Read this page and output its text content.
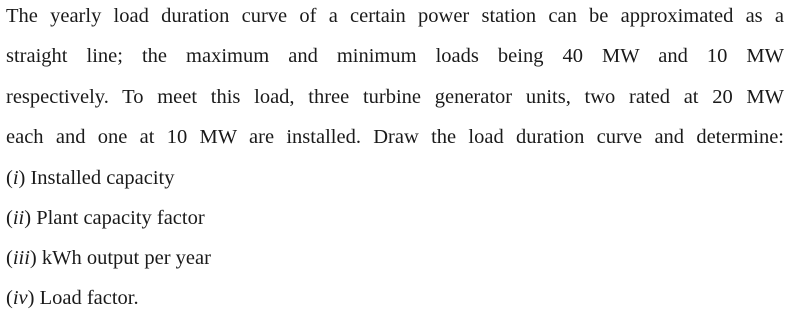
The yearly load duration curve of a certain power station can be approximated as a
straight line; the maximum and minimum loads being 40 MW and 10 MW
respectively. To meet this load, three turbine generator units, two rated at 20 MW
each and one at 10 MW are installed. Draw the load duration curve and determine:
(i) Installed capacity
(ii) Plant capacity factor
(iii) kWh output per year
(iv) Load factor.
